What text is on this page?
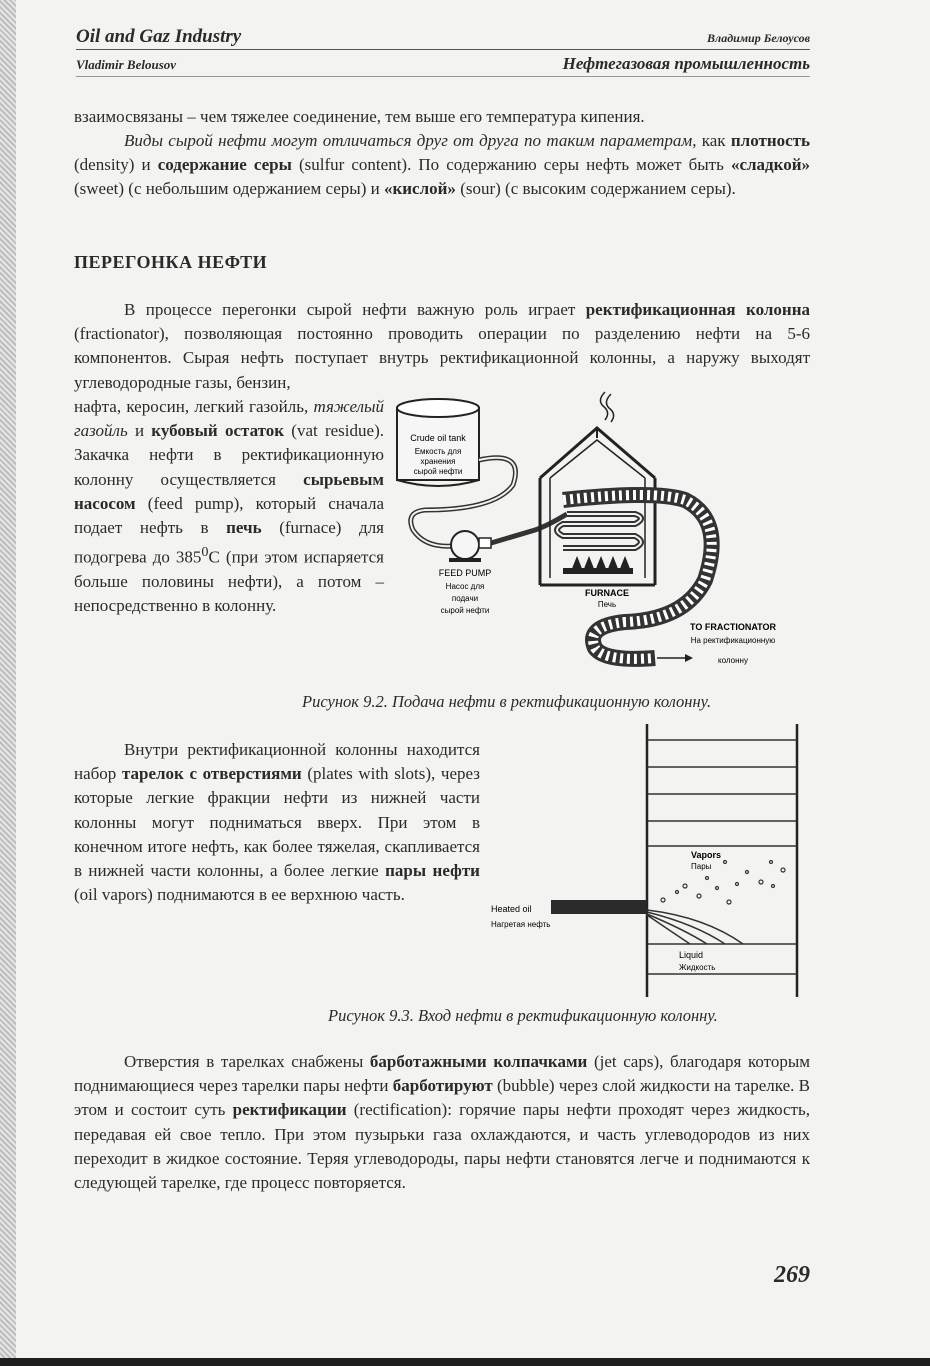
Oil and Gaz Industry	Владимир Белоусов
Vladimir Belousov	Нефтегазовая промышленность

взаимосвязаны – чем тяжелее соединение, тем выше его температура кипения.

Виды сырой нефти могут отличаться друг от друга по таким параметрам, как плотность (density) и содержание серы (sulfur content). По содержанию серы нефть может быть «сладкой» (sweet) (с небольшим одержанием серы) и «кислой» (sour) (с высоким содержанием серы).

ПЕРЕГОНКА НЕФТИ

В процессе перегонки сырой нефти важную роль играет ректификационная колонна (fractionator), позволяющая постоянно проводить операции по разделению нефти на 5-6 компонентов. Сырая нефть поступает внутрь ректификационной колонны, а наружу выходят углеводородные газы, бензин,

нафта, керосин, легкий газойль, тяжелый газойль и кубовый остаток (vat residue). Закачка нефти в ректификационную колонну осуществляется сырьевым насосом (feed pump), который сначала подает нефть в печь (furnace) для подогрева до $385^0С$ (при этом испаряется больше половины нефти), а потом – непосредственно в колонну.

Crude oil tank
Емкость для
хранения
сырой нефти
FEED PUMP
Насос для
подачи
сырой нефти
FURNACE
Печь
TO FRACTIONATOR
На ректификационную
колонну
Рисунок 9.2. Подача нефти в ректификационную колонну.

Внутри ректификационной колонны находится набор тарелок с отверстиями (plates with slots), через которые легкие фракции нефти из нижней части колонны могут подниматься вверх. При этом в конечном итоге нефть, как более тяжелая, скапливается в нижней части колонны, а более легкие пары нефти (oil vapors) поднимаются в ее верхнюю часть.

Heated oil
Нагретая нефть
Vapors
Пары
Liquid
Жидкость
Рисунок 9.3. Вход нефти в ректификационную колонну.

Отверстия в тарелках снабжены барботажными колпачками (jet caps), благодаря которым поднимающиеся через тарелки пары нефти барботируют (bubble) через слой жидкости на тарелке. В этом и состоит суть ректификации (rectification): горячие пары нефти проходят через жидкость, передавая ей свое тепло. При этом пузырьки газа охлаждаются, и часть углеводородов из них переходит в жидкое состояние. Теряя углеводороды, пары нефти становятся легче и поднимаются к следующей тарелке, где процесс повторяется.

269
